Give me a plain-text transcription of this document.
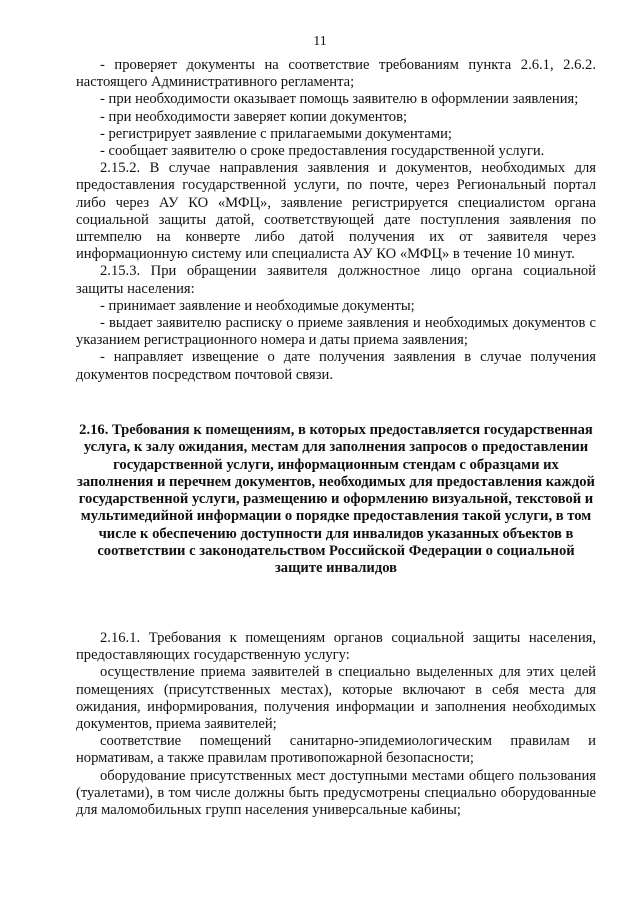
11

- проверяет документы на соответствие требованиям пункта 2.6.1, 2.6.2. настоящего Административного регламента;

- при необходимости оказывает помощь заявителю в оформлении заявления;

- при необходимости заверяет копии документов;

- регистрирует заявление с прилагаемыми документами;

- сообщает заявителю о сроке предоставления государственной услуги.

2.15.2. В случае направления заявления и документов, необходимых для предоставления государственной услуги, по почте, через Региональный портал либо через АУ КО «МФЦ», заявление регистрируется специалистом органа социальной защиты датой, соответствующей дате поступления заявления по штемпелю на конверте либо датой получения их от заявителя через информационную систему или специалиста АУ КО «МФЦ» в течение 10 минут.

2.15.3. При обращении заявителя должностное лицо органа социальной защиты населения:

- принимает заявление и необходимые документы;

- выдает заявителю расписку о приеме заявления и необходимых документов с указанием регистрационного номера и даты приема заявления;

- направляет извещение о дате получения заявления в случае получения документов посредством почтовой связи.

2.16. Требования к помещениям, в которых предоставляется государственная услуга, к залу ожидания, местам для заполнения запросов о предоставлении государственной услуги, информационным стендам с образцами их заполнения и перечнем документов, необходимых для предоставления каждой государственной услуги, размещению и оформлению визуальной, текстовой и мультимедийной информации о порядке предоставления такой услуги, в том числе к обеспечению доступности для инвалидов указанных объектов в соответствии с законодательством Российской Федерации о социальной защите инвалидов

2.16.1. Требования к помещениям органов социальной защиты населения, предоставляющих государственную услугу:

осуществление приема заявителей в специально выделенных для этих целей помещениях (присутственных местах), которые включают в себя места для ожидания, информирования, получения информации и заполнения необходимых документов, приема заявителей;

соответствие помещений санитарно-эпидемиологическим правилам и нормативам, а также правилам противопожарной безопасности;

оборудование присутственных мест доступными местами общего пользования (туалетами), в том числе должны быть предусмотрены специально оборудованные для маломобильных групп населения универсальные кабины;
